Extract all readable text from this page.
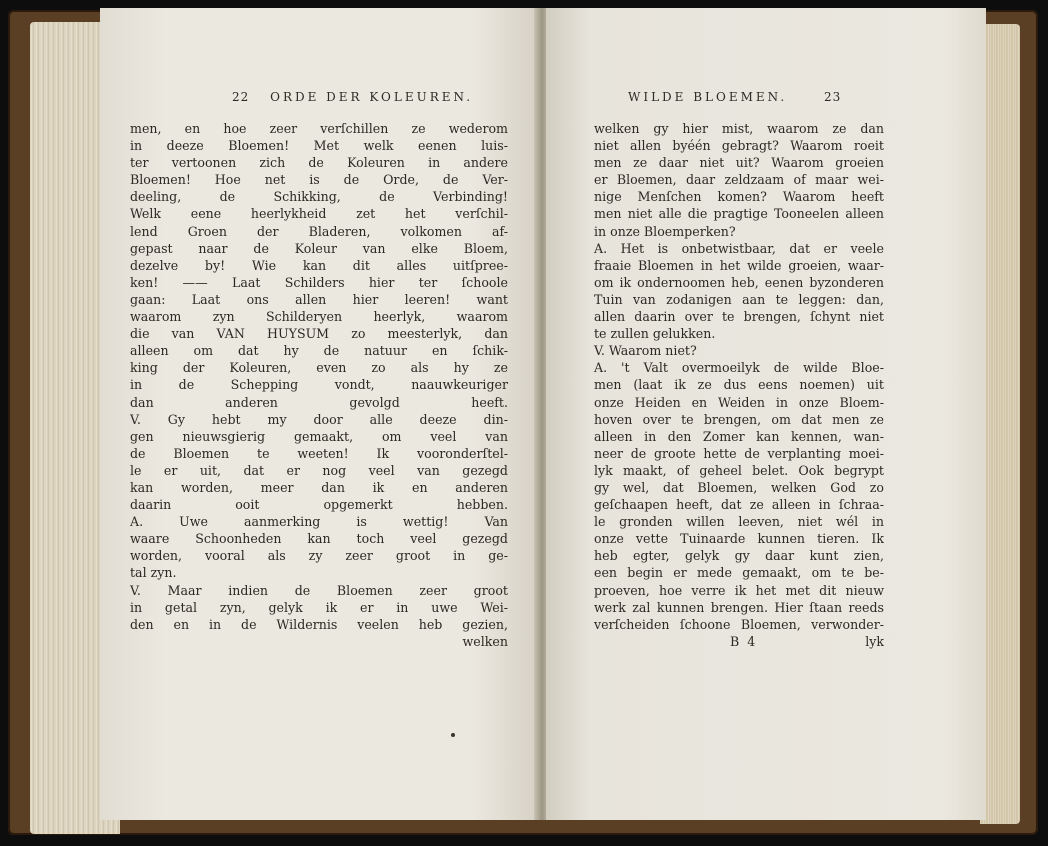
22 ORDE DER KOLEUREN.	WILDE BLOEMEN.	23

men, en hoe zeer verſchillen ze wederom

in deeze Bloemen! Met welk eenen luis-

ter vertoonen zich de Koleuren in andere

Bloemen! Hoe net is de Orde, de Ver-

deeling, de Schikking, de Verbinding!

Welk eene heerlykheid zet het verſchil-

lend Groen der Bladeren, volkomen af-

gepast naar de Koleur van elke Bloem,

dezelve by! Wie kan dit alles uitſpree-

ken! —— Laat Schilders hier ter ſchoole

gaan: Laat ons allen hier leeren! want

waarom zyn Schilderyen heerlyk, waarom

die van VAN HUYSUM zo meesterlyk, dan

alleen om dat hy de natuur en ſchik-

king der Koleuren, even zo als hy ze

in de Schepping vondt, naauwkeuriger

dan anderen gevolgd heeft.

V. Gy hebt my door alle deeze din-

gen nieuwsgierig gemaakt, om veel van

de Bloemen te weeten! Ik vooronderſtel-

le er uit, dat er nog veel van gezegd

kan worden, meer dan ik en anderen

daarin ooit opgemerkt hebben.

A. Uwe aanmerking is wettig! Van

waare Schoonheden kan toch veel gezegd

worden, vooral als zy zeer groot in ge-

tal zyn.

V. Maar indien de Bloemen zeer groot

in getal zyn, gelyk ik er in uwe Wei-

den en in de Wildernis veelen heb gezien,

welken

welken gy hier mist, waarom ze dan

niet allen byéén gebragt? Waarom roeit

men ze daar niet uit? Waarom groeien

er Bloemen, daar zeldzaam of maar wei-

nige Menſchen komen? Waarom heeft

men niet alle die pragtige Tooneelen alleen

in onze Bloemperken?

A. Het is onbetwistbaar, dat er veele

fraaie Bloemen in het wilde groeien, waar-

om ik ondernoomen heb, eenen byzonderen

Tuin van zodanigen aan te leggen: dan,

allen daarin over te brengen, ſchynt niet

te zullen gelukken.

V. Waarom niet?

A. 't Valt overmoeilyk de wilde Bloe-

men (laat ik ze dus eens noemen) uit

onze Heiden en Weiden in onze Bloem-

hoven over te brengen, om dat men ze

alleen in den Zomer kan kennen, wan-

neer de groote hette de verplanting moei-

lyk maakt, of geheel belet. Ook begrypt

gy wel, dat Bloemen, welken God zo

geſchaapen heeft, dat ze alleen in ſchraa-

le gronden willen leeven, niet wél in

onze vette Tuinaarde kunnen tieren. Ik

heb egter, gelyk gy daar kunt zien,

een begin er mede gemaakt, om te be-

proeven, hoe verre ik het met dit nieuw

werk zal kunnen brengen. Hier ſtaan reeds

verſcheiden ſchoone Bloemen, verwonder-

B 4	lyk
